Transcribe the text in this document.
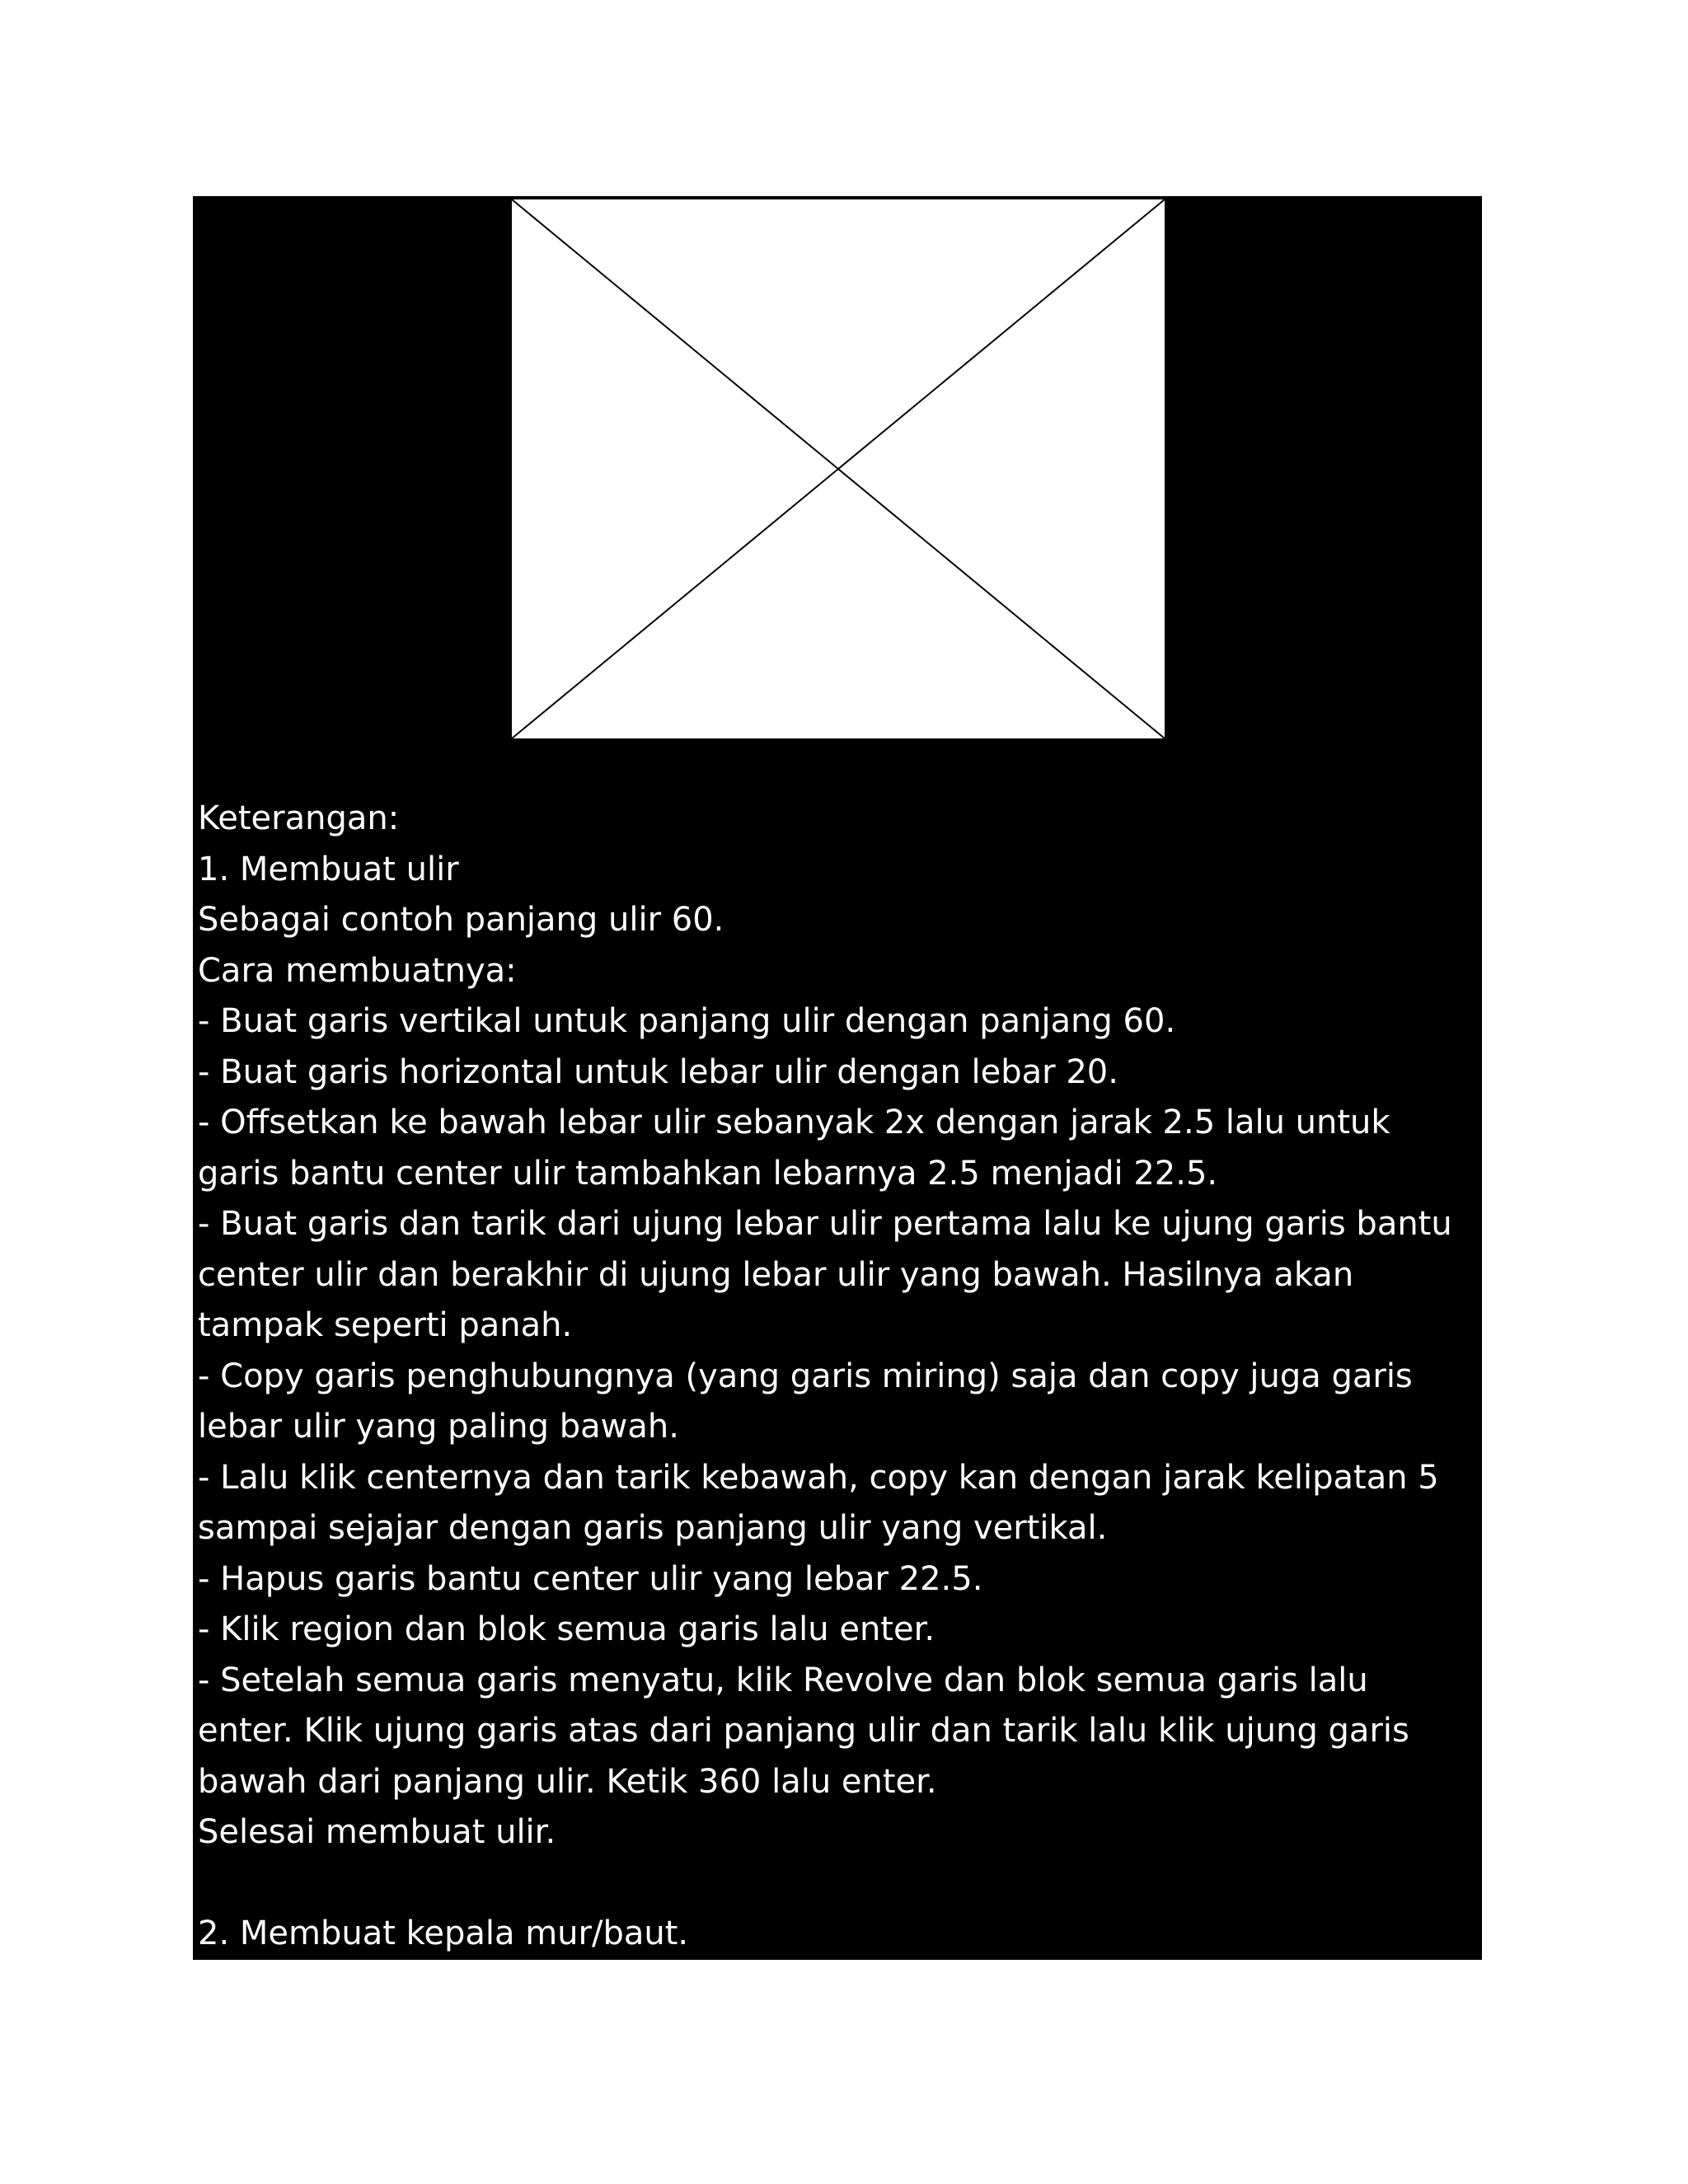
Keterangan:

1. Membuat ulir

Sebagai contoh panjang ulir 60.

Cara membuatnya:

- Buat garis vertikal untuk panjang ulir dengan panjang 60.

- Buat garis horizontal untuk lebar ulir dengan lebar 20.

- Offsetkan ke bawah lebar ulir sebanyak 2x dengan jarak 2.5 lalu untuk garis bantu center ulir tambahkan lebarnya 2.5 menjadi 22.5.

- Buat garis dan tarik dari ujung lebar ulir pertama lalu ke ujung garis bantu center ulir dan berakhir di ujung lebar ulir yang bawah. Hasilnya akan tampak seperti panah.

- Copy garis penghubungnya (yang garis miring) saja dan copy juga garis lebar ulir yang paling bawah.

- Lalu klik centernya dan tarik kebawah, copy kan dengan jarak kelipatan 5 sampai sejajar dengan garis panjang ulir yang vertikal.

- Hapus garis bantu center ulir yang lebar 22.5.

- Klik region dan blok semua garis lalu enter.

- Setelah semua garis menyatu, klik Revolve dan blok semua garis lalu enter. Klik ujung garis atas dari panjang ulir dan tarik lalu klik ujung garis bawah dari panjang ulir. Ketik 360 lalu enter.

Selesai membuat ulir.

2. Membuat kepala mur/baut.
